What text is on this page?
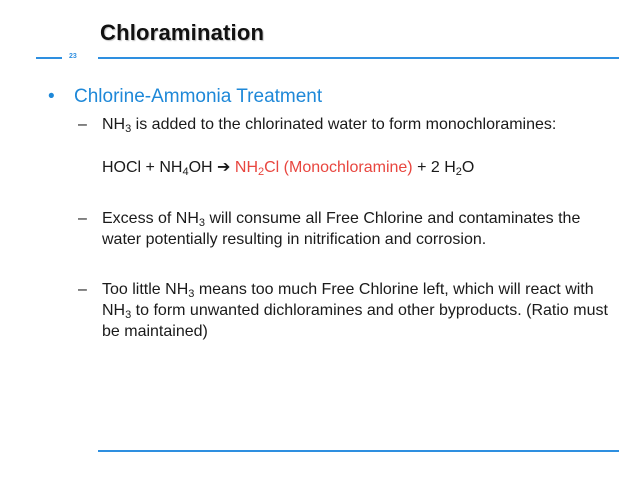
Chloramination
23
• Chlorine-Ammonia Treatment
– $NH_3$ is added to the chlorinated water to form monochloramines:
HOCl + $NH_4OH$ ➔ $NH_2Cl$ (Monochloramine) + 2 $H_2O$
– Excess of $NH_3$ will consume all Free Chlorine and contaminates the water potentially resulting in nitrification and corrosion.
– Too little $NH_3$ means too much Free Chlorine left, which will react with $NH_3$ to form unwanted dichloramines and other byproducts. (Ratio must be maintained)
